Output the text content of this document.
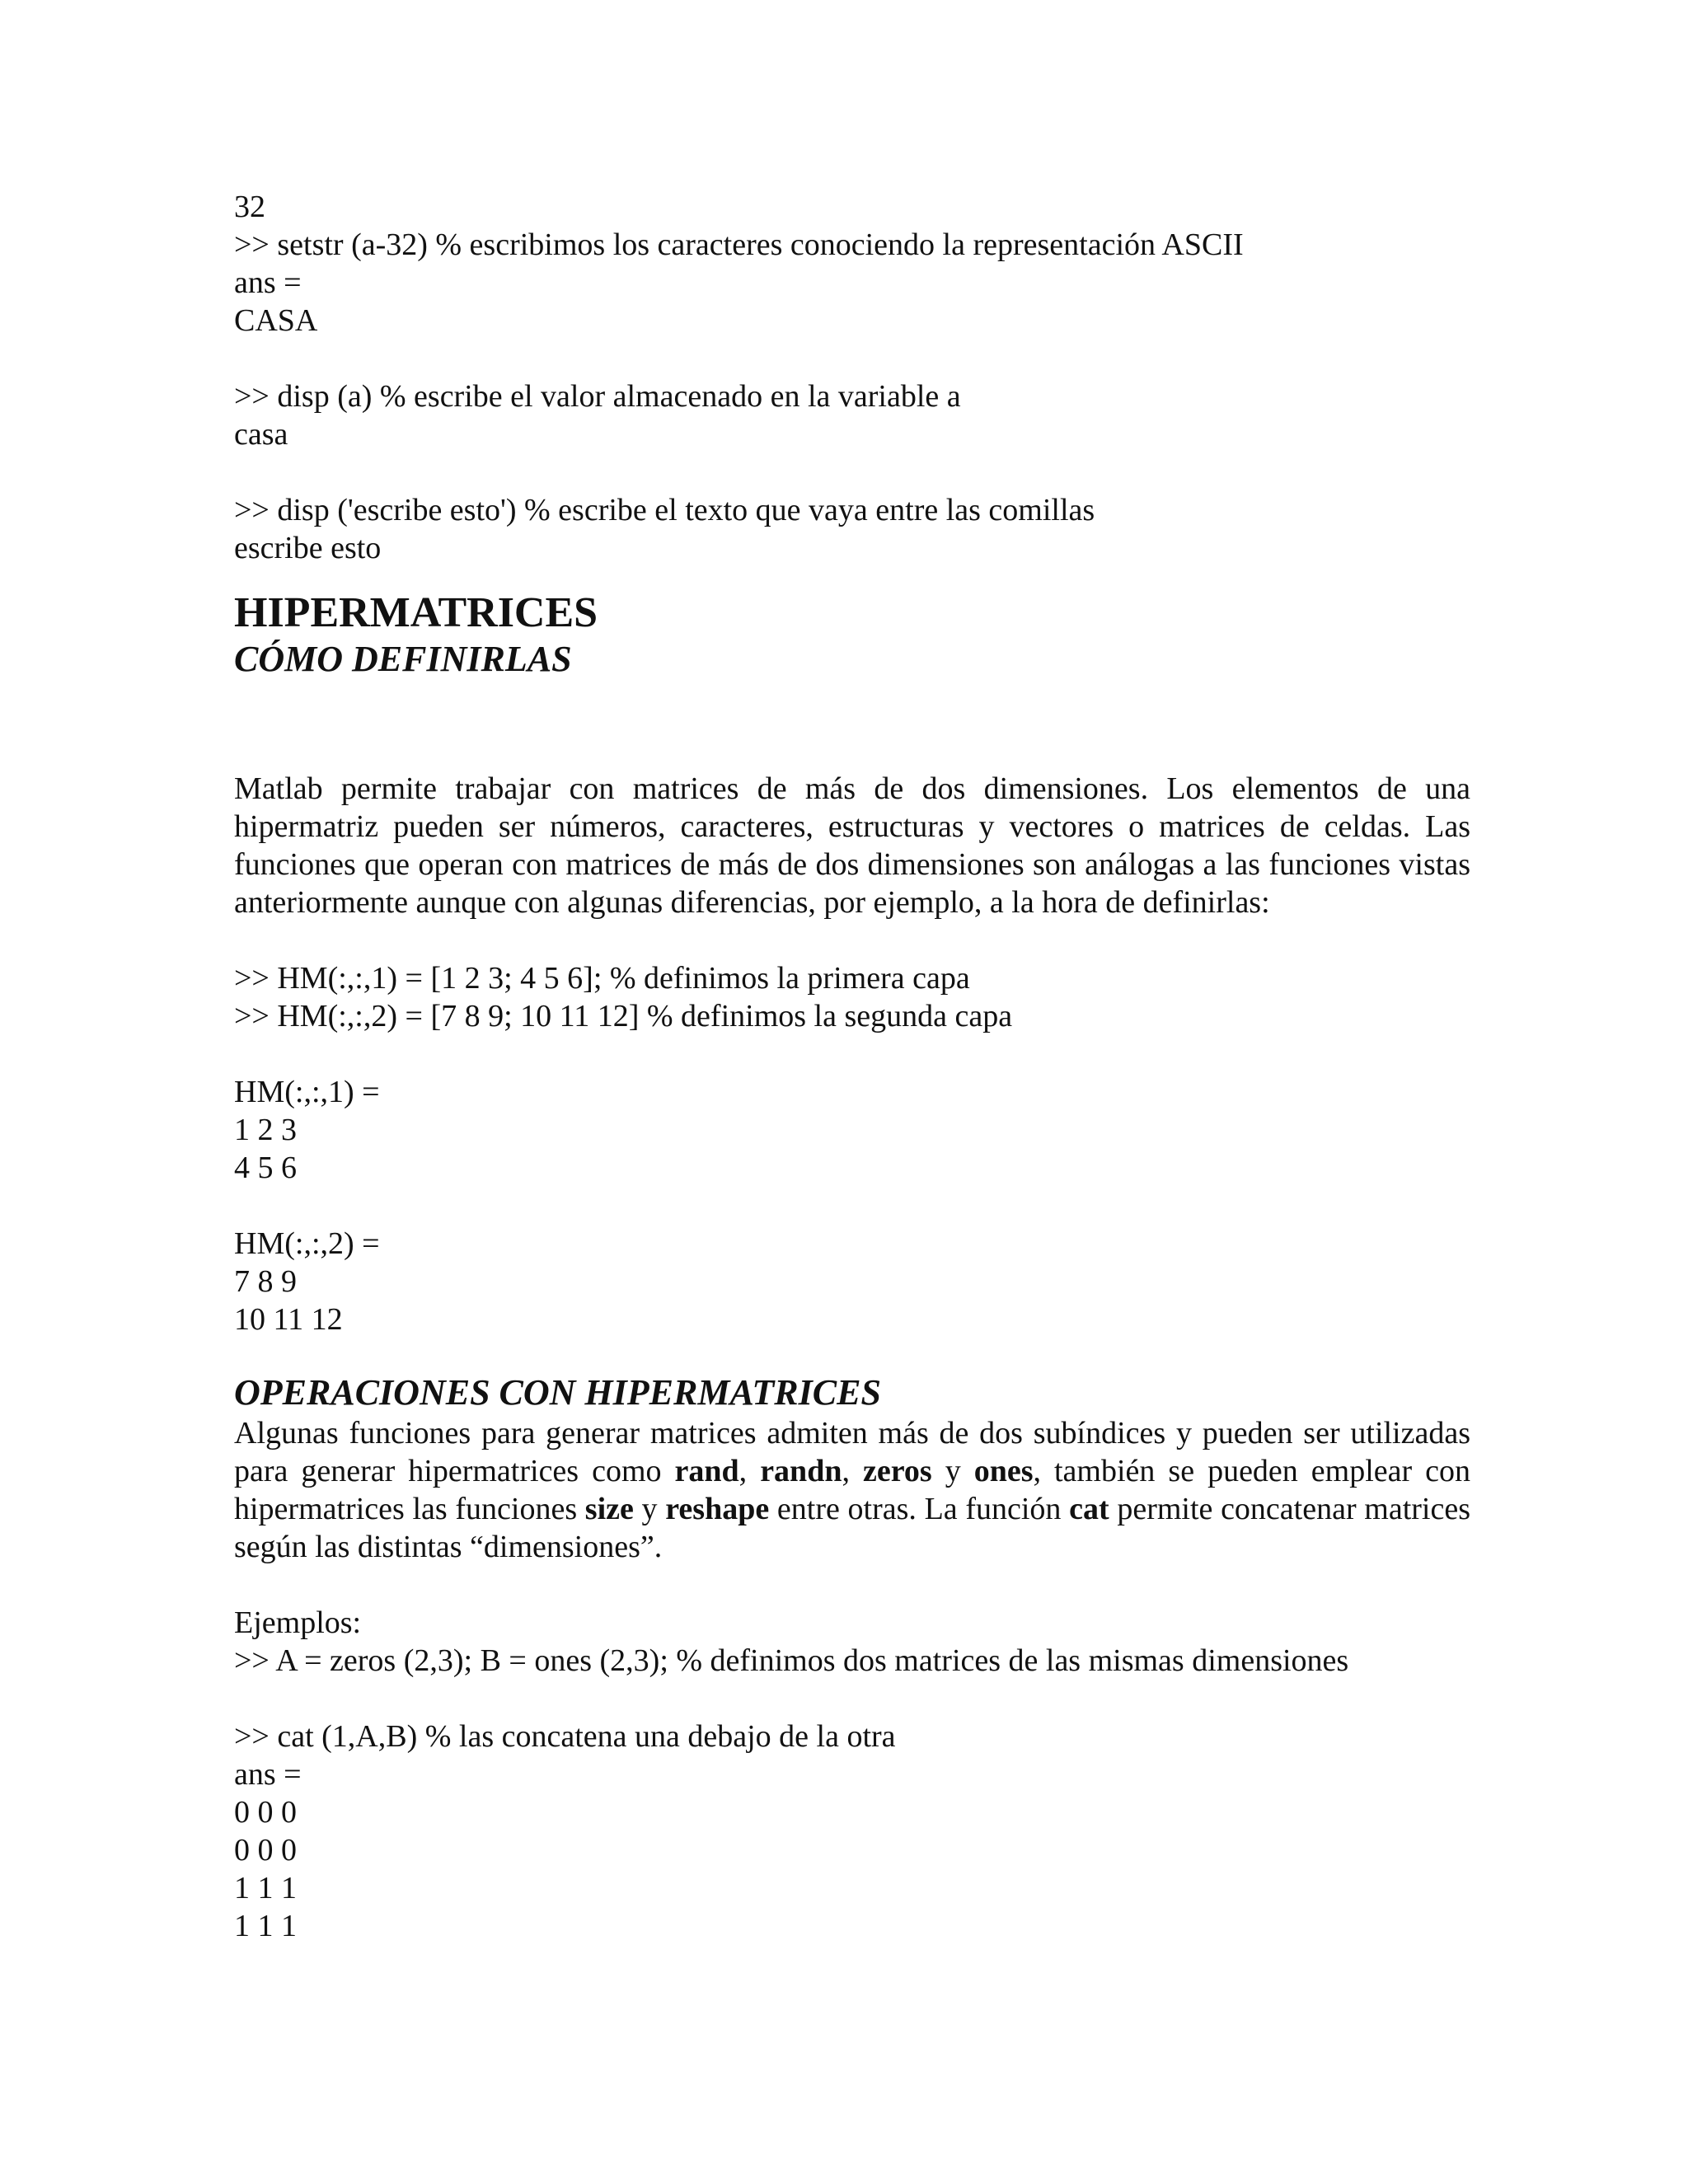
32

>> setstr (a-32) % escribimos los caracteres conociendo la representación ASCII

ans =

CASA

>> disp (a) % escribe el valor almacenado en la variable a

casa

>> disp ('escribe esto') % escribe el texto que vaya entre las comillas

escribe esto

HIPERMATRICES
CÓMO DEFINIRLAS

Matlab permite trabajar con matrices de más de dos dimensiones. Los elementos de una hipermatriz pueden ser números, caracteres, estructuras y vectores o matrices de celdas. Las funciones que operan con matrices de más de dos dimensiones son análogas a las funciones vistas anteriormente aunque con algunas diferencias, por ejemplo, a la hora de definirlas:

>> HM(:,:,1) = [1 2 3; 4 5 6]; % definimos la primera capa

>> HM(:,:,2) = [7 8 9; 10 11 12] % definimos la segunda capa

HM(:,:,1) =

1 2 3

4 5 6

HM(:,:,2) =

7 8 9

10 11 12

OPERACIONES CON HIPERMATRICES

Algunas funciones para generar matrices admiten más de dos subíndices y pueden ser utilizadas para generar hipermatrices como rand, randn, zeros y ones, también se pueden emplear con hipermatrices las funciones size y reshape entre otras. La función cat permite concatenar matrices según las distintas “dimensiones”.

Ejemplos:

>> A = zeros (2,3); B = ones (2,3); % definimos dos matrices de las mismas dimensiones

>> cat (1,A,B) % las concatena una debajo de la otra

ans =

0 0 0

0 0 0

1 1 1

1 1 1
